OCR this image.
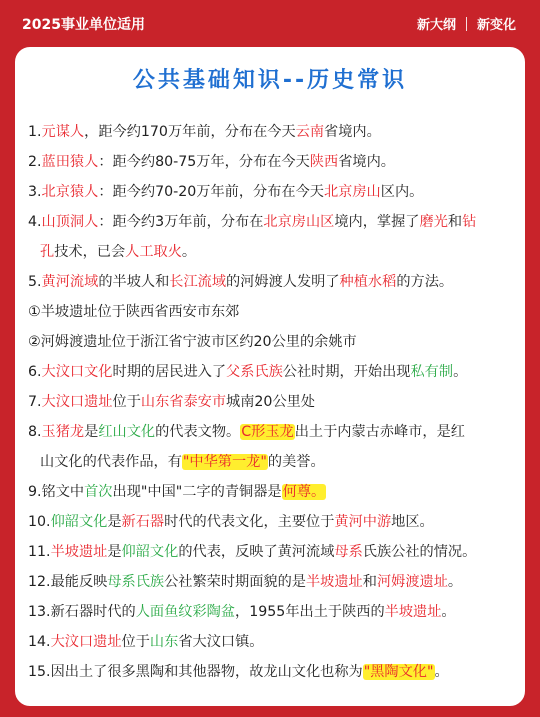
2025事业单位适用	新大纲 新变化
公共基础知识--历史常识
1.元谋人，距今约170万年前，分布在今天云南省境内。
2.蓝田猿人：距今约80-75万年，分布在今天陕西省境内。
3.北京猿人：距今约70-20万年前，分布在今天北京房山区内。
4.山顶洞人：距今约3万年前，分布在北京房山区境内，掌握了磨光和钻
孔技术，已会人工取火。
5.黄河流域的半坡人和长江流域的河姆渡人发明了种植水稻的方法。
①半坡遗址位于陕西省西安市东郊
②河姆渡遗址位于浙江省宁波市区约20公里的余姚市
6.大汶口文化时期的居民进入了父系氏族公社时期，开始出现私有制。
7.大汶口遗址位于山东省泰安市城南20公里处
8.玉猪龙是红山文化的代表文物。C形玉龙出土于内蒙古赤峰市，是红
山文化的代表作品，有"中华第一龙"的美誉。
9.铭文中首次出现"中国"二字的青铜器是何尊。
10.仰韶文化是新石器时代的代表文化，主要位于黄河中游地区。
11.半坡遗址是仰韶文化的代表，反映了黄河流域母系氏族公社的情况。
12.最能反映母系氏族公社繁荣时期面貌的是半坡遗址和河姆渡遗址。
13.新石器时代的人面鱼纹彩陶盆，1955年出土于陕西的半坡遗址。
14.大汶口遗址位于山东省大汶口镇。
15.因出土了很多黑陶和其他器物，故龙山文化也称为"黑陶文化"。
